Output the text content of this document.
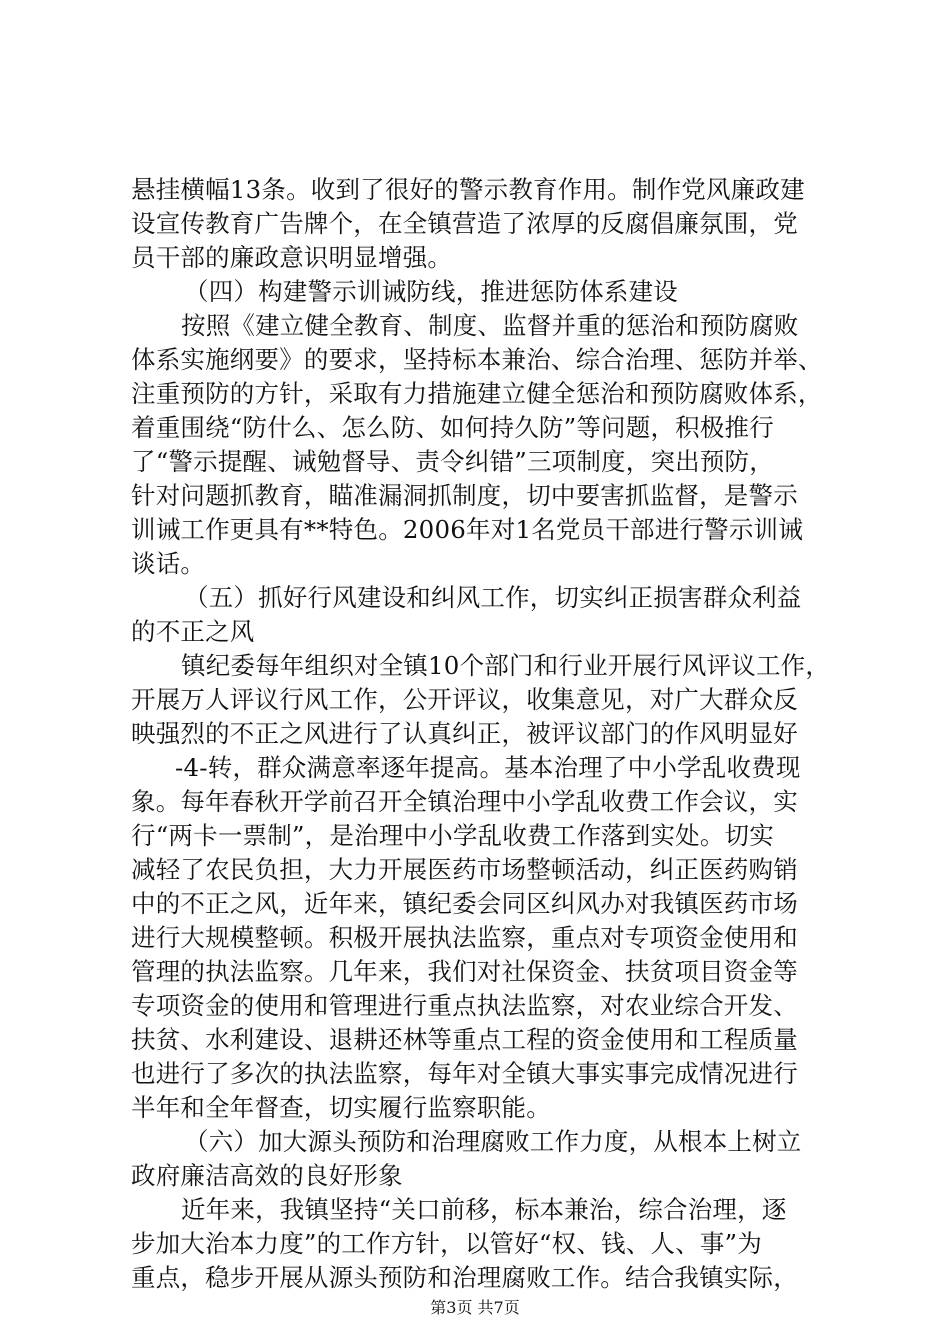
悬挂横幅13条。收到了很好的警示教育作用。制作党风廉政建
设宣传教育广告牌个，在全镇营造了浓厚的反腐倡廉氛围，党
员干部的廉政意识明显增强。
（四）构建警示训诫防线，推进惩防体系建设
按照《建立健全教育、制度、监督并重的惩治和预防腐败
体系实施纲要》的要求，坚持标本兼治、综合治理、惩防并举、
注重预防的方针，采取有力措施建立健全惩治和预防腐败体系，
着重围绕“防什么、怎么防、如何持久防”等问题，积极推行
了“警示提醒、诫勉督导、责令纠错”三项制度，突出预防，
针对问题抓教育，瞄准漏洞抓制度，切中要害抓监督，是警示
训诫工作更具有**特色。2006年对1名党员干部进行警示训诫
谈话。
（五）抓好行风建设和纠风工作，切实纠正损害群众利益
的不正之风
镇纪委每年组织对全镇10个部门和行业开展行风评议工作，
开展万人评议行风工作，公开评议，收集意见，对广大群众反
映强烈的不正之风进行了认真纠正，被评议部门的作风明显好
-4-转，群众满意率逐年提高。基本治理了中小学乱收费现
象。每年春秋开学前召开全镇治理中小学乱收费工作会议，实
行“两卡一票制”，是治理中小学乱收费工作落到实处。切实
减轻了农民负担，大力开展医药市场整顿活动，纠正医药购销
中的不正之风，近年来，镇纪委会同区纠风办对我镇医药市场
进行大规模整顿。积极开展执法监察，重点对专项资金使用和
管理的执法监察。几年来，我们对社保资金、扶贫项目资金等
专项资金的使用和管理进行重点执法监察，对农业综合开发、
扶贫、水利建设、退耕还林等重点工程的资金使用和工程质量
也进行了多次的执法监察，每年对全镇大事实事完成情况进行
半年和全年督查，切实履行监察职能。
（六）加大源头预防和治理腐败工作力度，从根本上树立
政府廉洁高效的良好形象
近年来，我镇坚持“关口前移，标本兼治，综合治理，逐
步加大治本力度”的工作方针，以管好“权、钱、人、事”为
重点，稳步开展从源头预防和治理腐败工作。结合我镇实际，
第3页 共7页
